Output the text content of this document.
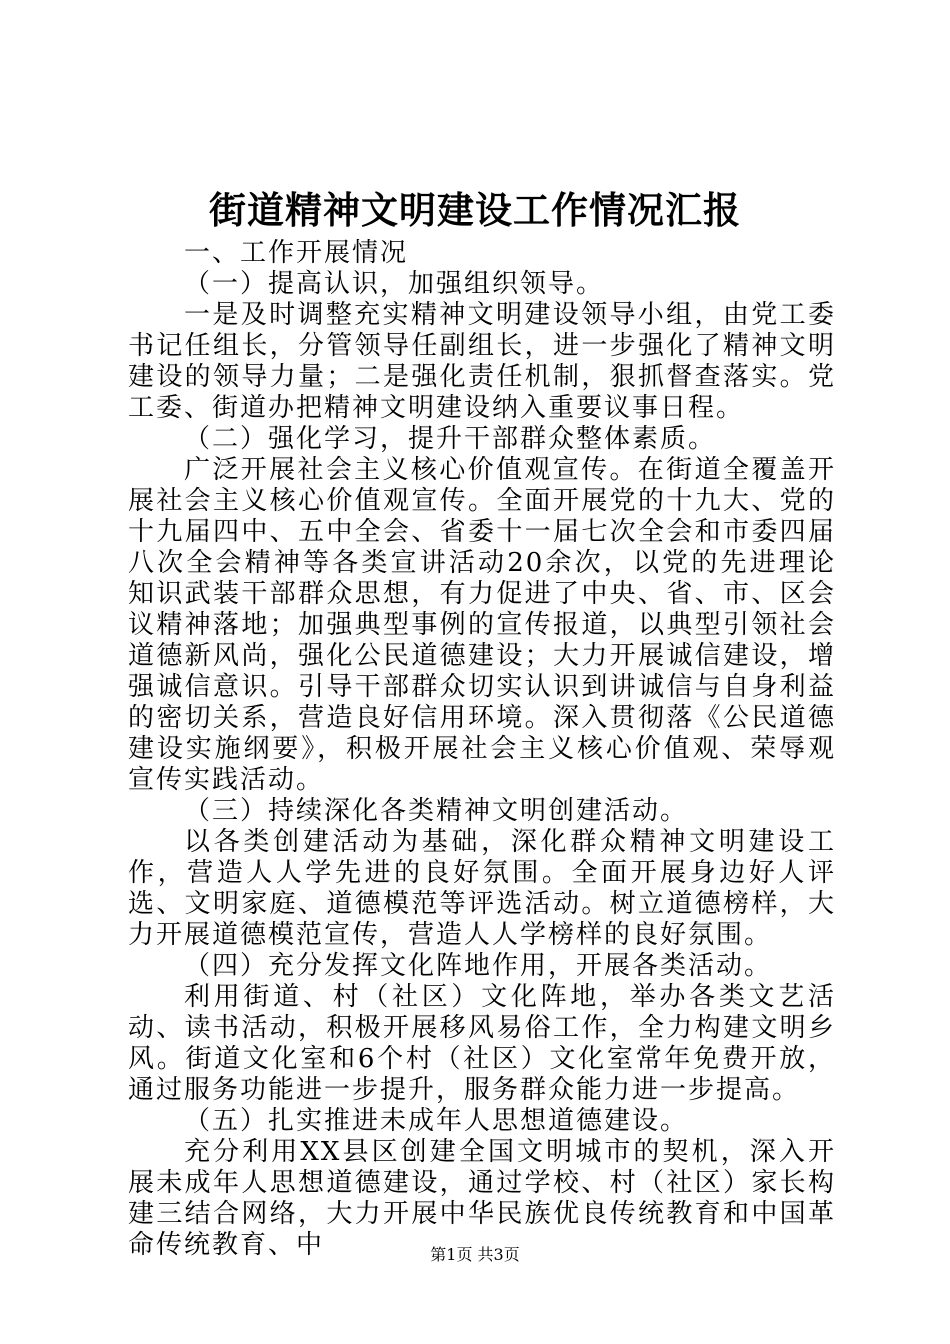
街道精神文明建设工作情况汇报

一、工作开展情况

（一）提高认识，加强组织领导。

一是及时调整充实精神文明建设领导小组，由党工委书记任组长，分管领导任副组长，进一步强化了精神文明建设的领导力量；二是强化责任机制，狠抓督查落实。党工委、街道办把精神文明建设纳入重要议事日程。

（二）强化学习，提升干部群众整体素质。

广泛开展社会主义核心价值观宣传。在街道全覆盖开展社会主义核心价值观宣传。全面开展党的十九大、党的十九届四中、五中全会、省委十一届七次全会和市委四届八次全会精神等各类宣讲活动20余次，以党的先进理论知识武装干部群众思想，有力促进了中央、省、市、区会议精神落地；加强典型事例的宣传报道，以典型引领社会道德新风尚，强化公民道德建设；大力开展诚信建设，增强诚信意识。引导干部群众切实认识到讲诚信与自身利益的密切关系，营造良好信用环境。深入贯彻落《公民道德建设实施纲要》，积极开展社会主义核心价值观、荣辱观宣传实践活动。

（三）持续深化各类精神文明创建活动。

以各类创建活动为基础，深化群众精神文明建设工作，营造人人学先进的良好氛围。全面开展身边好人评选、文明家庭、道德模范等评选活动。树立道德榜样，大力开展道德模范宣传，营造人人学榜样的良好氛围。

（四）充分发挥文化阵地作用，开展各类活动。

利用街道、村（社区）文化阵地，举办各类文艺活动、读书活动，积极开展移风易俗工作，全力构建文明乡风。街道文化室和6个村（社区）文化室常年免费开放，通过服务功能进一步提升，服务群众能力进一步提高。

（五）扎实推进未成年人思想道德建设。

充分利用XX县区创建全国文明城市的契机，深入开展未成年人思想道德建设，通过学校、村（社区）家长构建三结合网络，大力开展中华民族优良传统教育和中国革命传统教育、中	第1页 共3页
